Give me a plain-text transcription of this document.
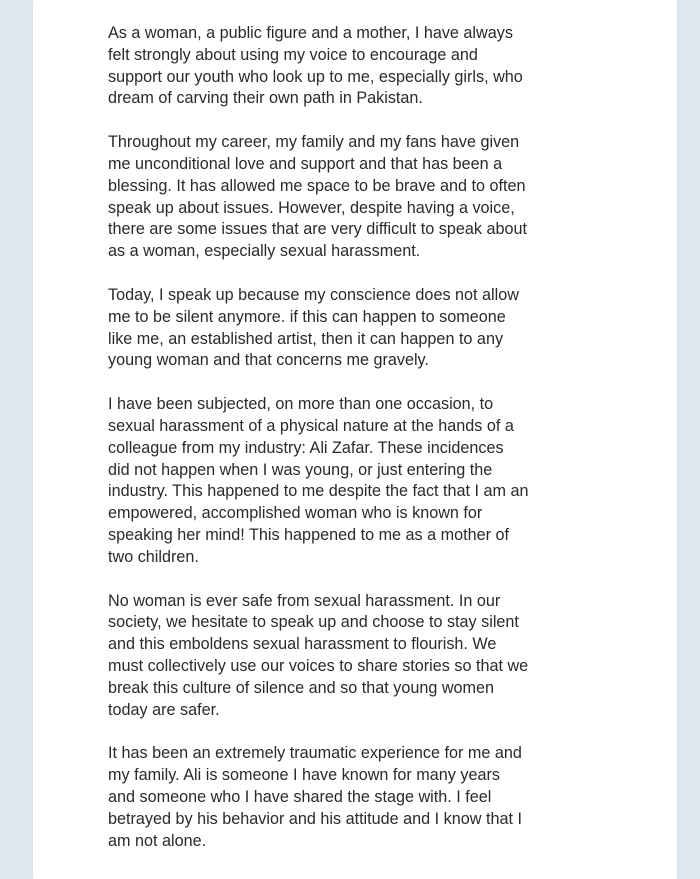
As a woman, a public figure and a mother, I have always
felt strongly about using my voice to encourage and
support our youth who look up to me, especially girls, who
dream of carving their own path in Pakistan.

Throughout my career, my family and my fans have given
me unconditional love and support and that has been a
blessing. It has allowed me space to be brave and to often
speak up about issues. However, despite having a voice,
there are some issues that are very difficult to speak about
as a woman, especially sexual harassment.

Today, I speak up because my conscience does not allow
me to be silent anymore. if this can happen to someone
like me, an established artist, then it can happen to any
young woman and that concerns me gravely.

I have been subjected, on more than one occasion, to
sexual harassment of a physical nature at the hands of a
colleague from my industry: Ali Zafar. These incidences
did not happen when I was young, or just entering the
industry. This happened to me despite the fact that I am an
empowered, accomplished woman who is known for
speaking her mind! This happened to me as a mother of
two children.

No woman is ever safe from sexual harassment. In our
society, we hesitate to speak up and choose to stay silent
and this emboldens sexual harassment to flourish. We
must collectively use our voices to share stories so that we
break this culture of silence and so that young women
today are safer.

It has been an extremely traumatic experience for me and
my family. Ali is someone I have known for many years
and someone who I have shared the stage with. I feel
betrayed by his behavior and his attitude and I know that I
am not alone.
